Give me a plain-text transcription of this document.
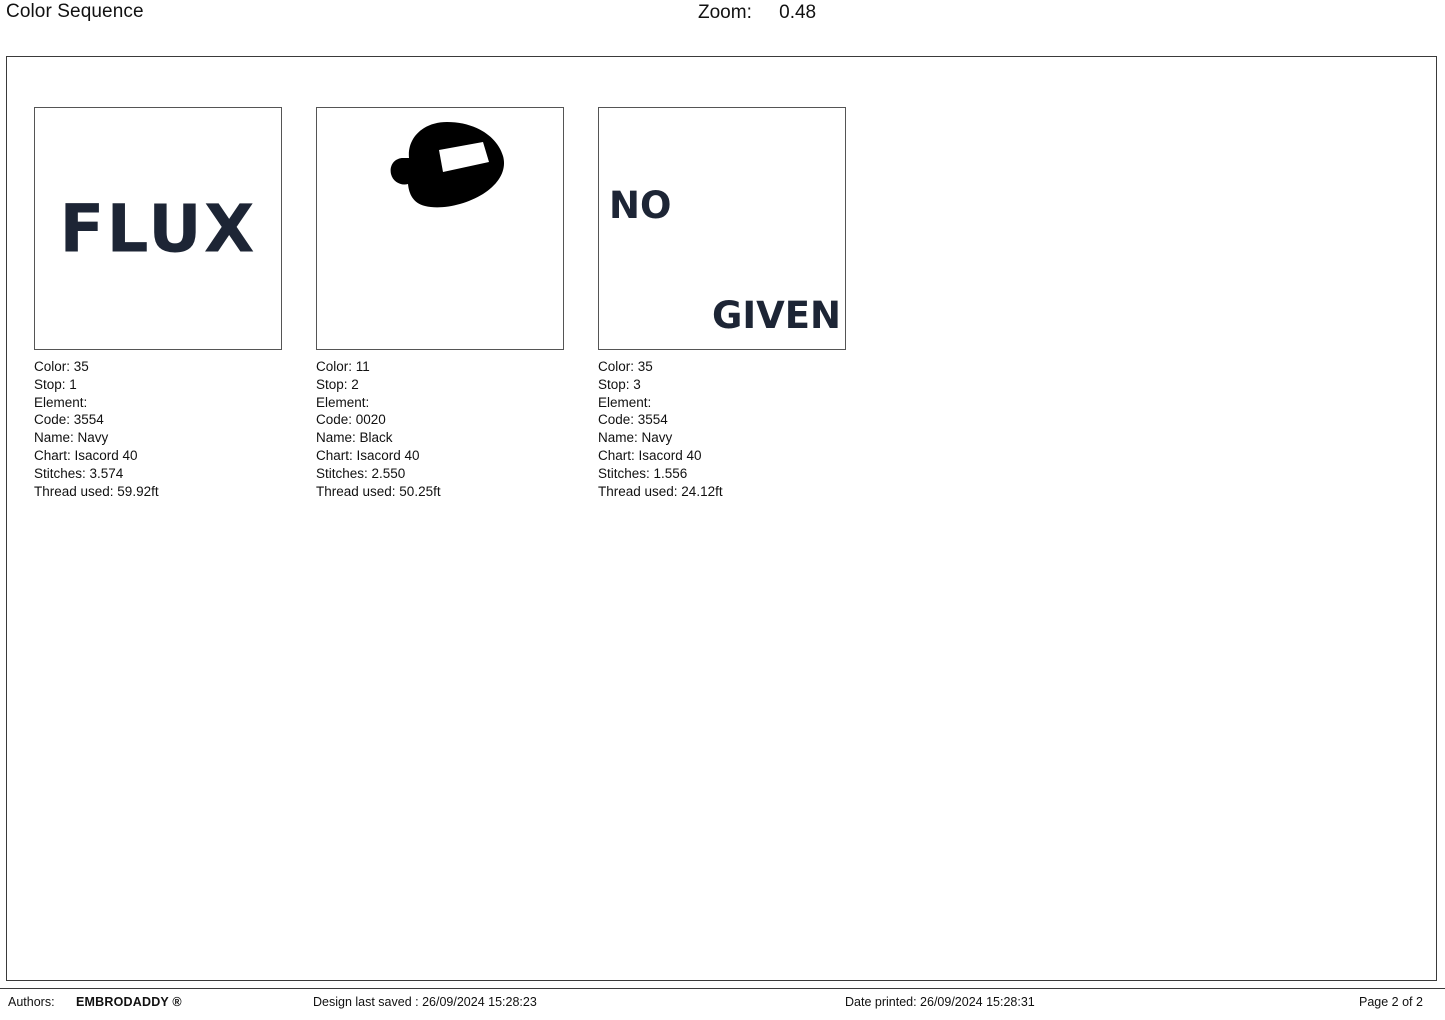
Color Sequence	Zoom: 0.48
FLUX
Color: 35
Stop: 1
Element:
Code: 3554
Name: Navy
Chart: Isacord 40
Stitches: 3.574
Thread used: 59.92ft
Color: 11
Stop: 2
Element:
Code: 0020
Name: Black
Chart: Isacord 40
Stitches: 2.550
Thread used: 50.25ft
NO
GIVEN
Color: 35
Stop: 3
Element:
Code: 3554
Name: Navy
Chart: Isacord 40
Stitches: 1.556
Thread used: 24.12ft
Authors: EMBRODADDY ®	Design last saved : 26/09/2024 15:28:23	Date printed: 26/09/2024 15:28:31	Page 2 of 2
